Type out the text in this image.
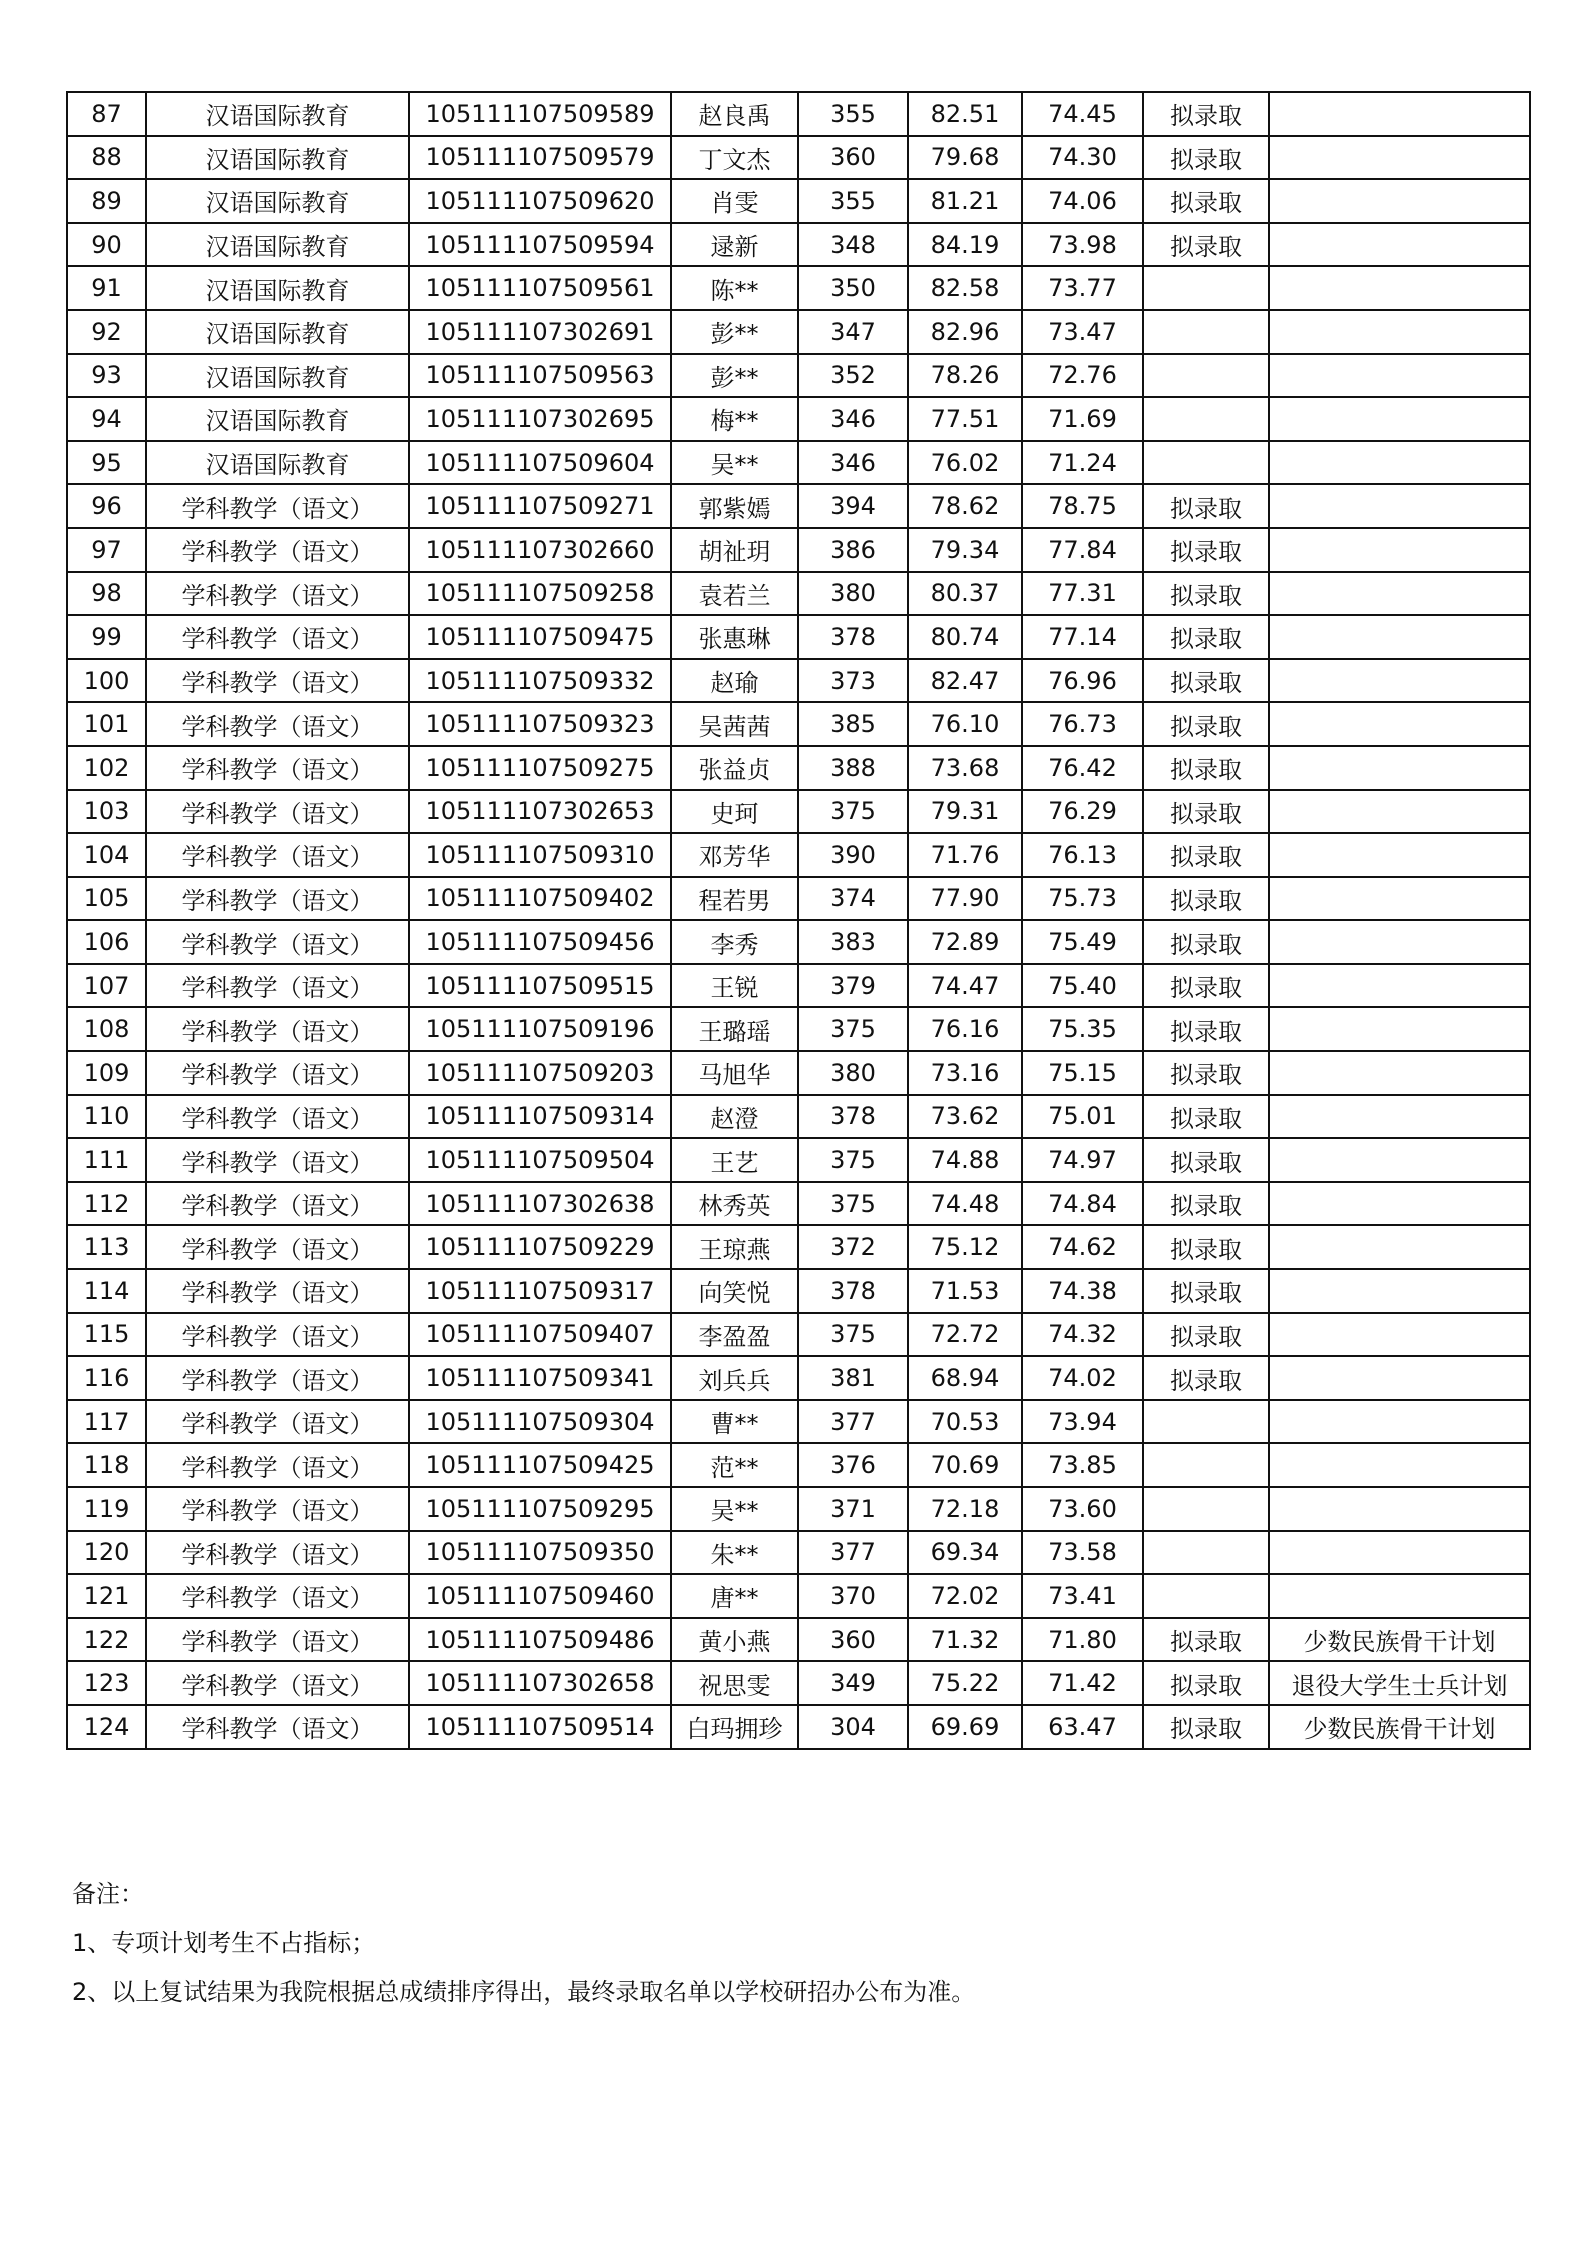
87	汉语国际教育	105111107509589	赵良禹	355	82.51	74.45	拟录取	
88	汉语国际教育	105111107509579	丁文杰	360	79.68	74.30	拟录取	
89	汉语国际教育	105111107509620	肖雯	355	81.21	74.06	拟录取	
90	汉语国际教育	105111107509594	逯新	348	84.19	73.98	拟录取	
91	汉语国际教育	105111107509561	陈**	350	82.58	73.77		
92	汉语国际教育	105111107302691	彭**	347	82.96	73.47		
93	汉语国际教育	105111107509563	彭**	352	78.26	72.76		
94	汉语国际教育	105111107302695	梅**	346	77.51	71.69		
95	汉语国际教育	105111107509604	吴**	346	76.02	71.24		
96	学科教学（语文）	105111107509271	郭紫嫣	394	78.62	78.75	拟录取	
97	学科教学（语文）	105111107302660	胡祉玥	386	79.34	77.84	拟录取	
98	学科教学（语文）	105111107509258	袁若兰	380	80.37	77.31	拟录取	
99	学科教学（语文）	105111107509475	张惠琳	378	80.74	77.14	拟录取	
100	学科教学（语文）	105111107509332	赵瑜	373	82.47	76.96	拟录取	
101	学科教学（语文）	105111107509323	吴茜茜	385	76.10	76.73	拟录取	
102	学科教学（语文）	105111107509275	张益贞	388	73.68	76.42	拟录取	
103	学科教学（语文）	105111107302653	史珂	375	79.31	76.29	拟录取	
104	学科教学（语文）	105111107509310	邓芳华	390	71.76	76.13	拟录取	
105	学科教学（语文）	105111107509402	程若男	374	77.90	75.73	拟录取	
106	学科教学（语文）	105111107509456	李秀	383	72.89	75.49	拟录取	
107	学科教学（语文）	105111107509515	王锐	379	74.47	75.40	拟录取	
108	学科教学（语文）	105111107509196	王璐瑶	375	76.16	75.35	拟录取	
109	学科教学（语文）	105111107509203	马旭华	380	73.16	75.15	拟录取	
110	学科教学（语文）	105111107509314	赵澄	378	73.62	75.01	拟录取	
111	学科教学（语文）	105111107509504	王艺	375	74.88	74.97	拟录取	
112	学科教学（语文）	105111107302638	林秀英	375	74.48	74.84	拟录取	
113	学科教学（语文）	105111107509229	王琼燕	372	75.12	74.62	拟录取	
114	学科教学（语文）	105111107509317	向笑悦	378	71.53	74.38	拟录取	
115	学科教学（语文）	105111107509407	李盈盈	375	72.72	74.32	拟录取	
116	学科教学（语文）	105111107509341	刘兵兵	381	68.94	74.02	拟录取	
117	学科教学（语文）	105111107509304	曹**	377	70.53	73.94		
118	学科教学（语文）	105111107509425	范**	376	70.69	73.85		
119	学科教学（语文）	105111107509295	吴**	371	72.18	73.60		
120	学科教学（语文）	105111107509350	朱**	377	69.34	73.58		
121	学科教学（语文）	105111107509460	唐**	370	72.02	73.41		
122	学科教学（语文）	105111107509486	黄小燕	360	71.32	71.80	拟录取	少数民族骨干计划
123	学科教学（语文）	105111107302658	祝思雯	349	75.22	71.42	拟录取	退役大学生士兵计划
124	学科教学（语文）	105111107509514	白玛拥珍	304	69.69	63.47	拟录取	少数民族骨干计划
备注：
1、专项计划考生不占指标；
2、以上复试结果为我院根据总成绩排序得出，最终录取名单以学校研招办公布为准。
